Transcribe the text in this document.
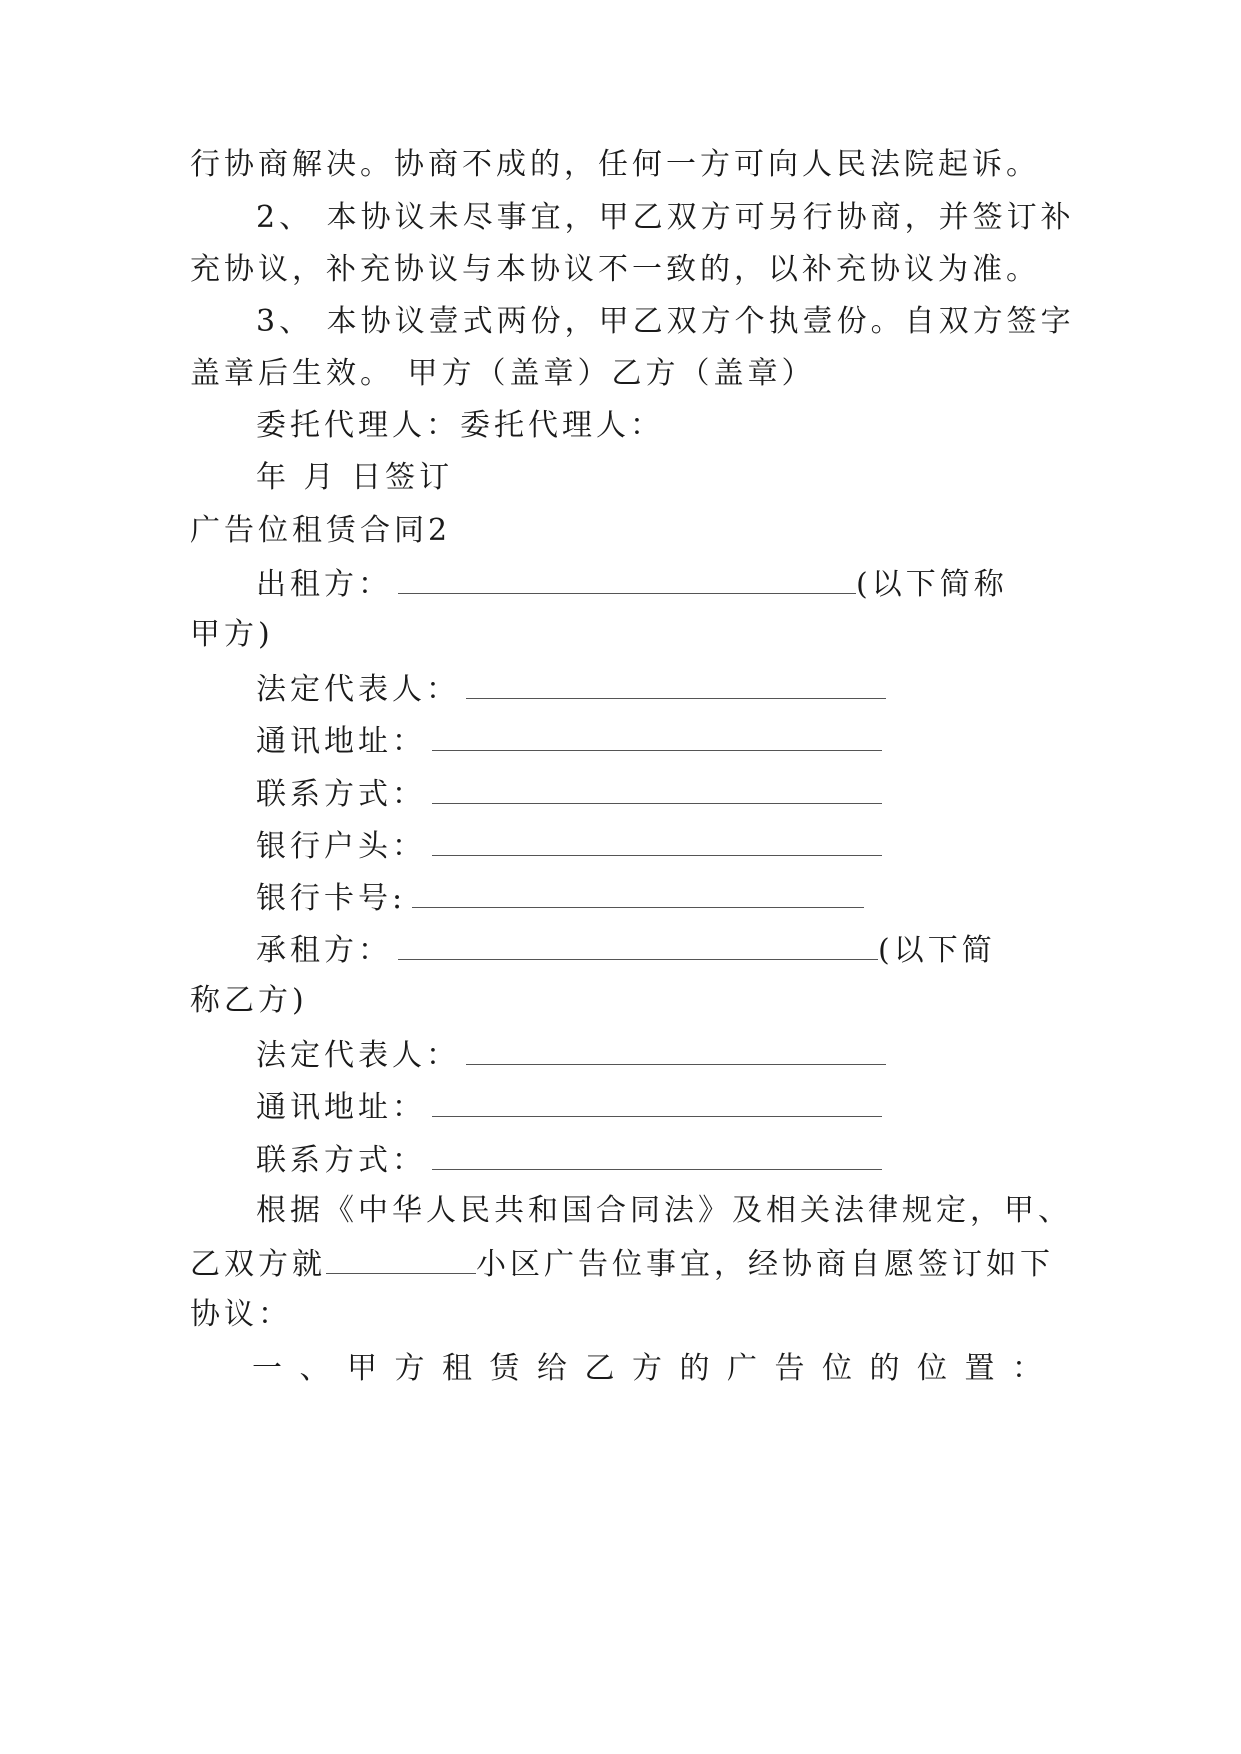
行协商解决。协商不成的，任何一方可向人民法院起诉。
2、 本协议未尽事宜，甲乙双方可另行协商，并签订补
充协议，补充协议与本协议不一致的，以补充协议为准。
3、 本协议壹式两份，甲乙双方个执壹份。自双方签字
盖章后生效。 甲方（盖章）乙方（盖章）
委托代理人：委托代理人：
年 月 日签订
广告位租赁合同2
出租方：	(以下简称
甲方)
法定代表人：
通讯地址：
联系方式：
银行户头：
银行卡号:
承租方：	(以下简
称乙方)
法定代表人：
通讯地址：
联系方式：
根据《中华人民共和国合同法》及相关法律规定，甲、
乙双方就	小区广告位事宜，经协商自愿签订如下
协议：
一 、 甲 方 租 赁 给 乙 方 的 广 告 位 的 位 置 ：
